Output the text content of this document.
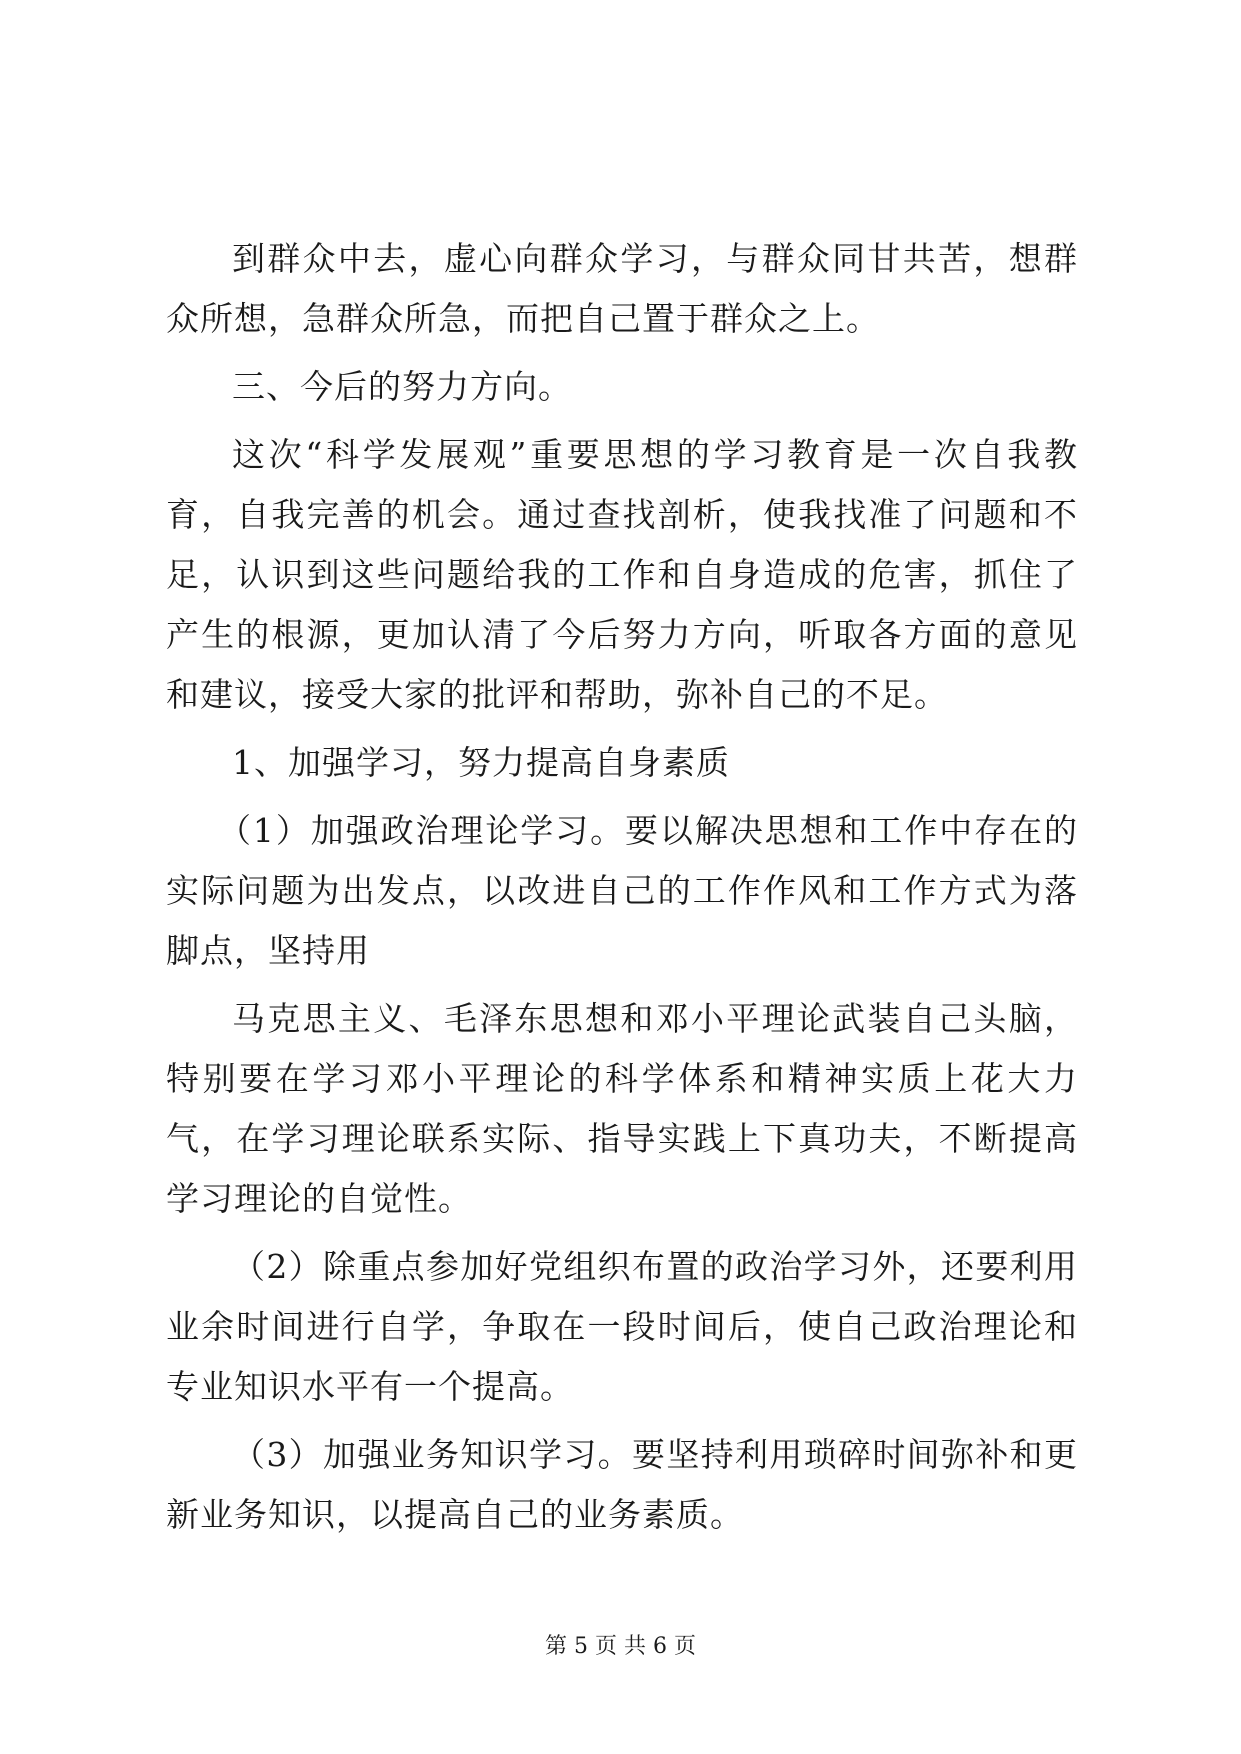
到群众中去，虚心向群众学习，与群众同甘共苦，想群众所想，急群众所急，而把自己置于群众之上。

三、今后的努力方向。

这次“科学发展观”重要思想的学习教育是一次自我教育，自我完善的机会。通过查找剖析，使我找准了问题和不足，认识到这些问题给我的工作和自身造成的危害，抓住了产生的根源，更加认清了今后努力方向，听取各方面的意见和建议，接受大家的批评和帮助，弥补自己的不足。

1、加强学习，努力提高自身素质

（1）加强政治理论学习。要以解决思想和工作中存在的实际问题为出发点，以改进自己的工作作风和工作方式为落脚点，坚持用

马克思主义、毛泽东思想和邓小平理论武装自己头脑，特别要在学习邓小平理论的科学体系和精神实质上花大力气，在学习理论联系实际、指导实践上下真功夫，不断提高学习理论的自觉性。

（2）除重点参加好党组织布置的政治学习外，还要利用业余时间进行自学，争取在一段时间后，使自己政治理论和专业知识水平有一个提高。

（3）加强业务知识学习。要坚持利用琐碎时间弥补和更新业务知识，以提高自己的业务素质。

第 5 页 共 6 页
